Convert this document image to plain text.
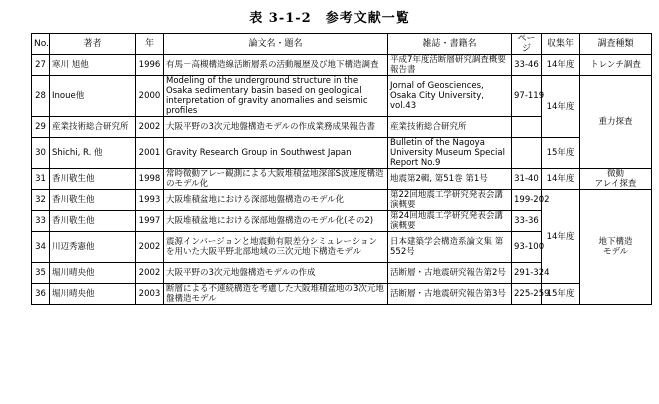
表 3-1-2　参考文献一覧
No.	著者	年	論文名・題名	雑誌・書籍名	ページ	収集年	調査種類
27	寒川 旭他	1996	有馬－高槻構造線活断層系の活動履歴及び地下構造調査	平成7年度活断層研究調査概要報告書	33-46	14年度	トレンチ調査
28	Inoue他	2000	Modeling of the underground structure in the Osaka sedimentary basin based on geological interpretation of gravity anomalies and seismic profiles	Jornal of Geosciences, Osaka City University, vol.43	97-119	14年度	重力探査
29	産業技術総合研究所	2002	大阪平野の3次元地盤構造モデルの作成業務成果報告書	産業技術総合研究所			
30	Shichi, R. 他	2001	Gravity Research Group in Southwest Japan	Bulletin of the Nagoya University Museum Special Report No.9		15年度	
31	香川敬生他	1998	常時微動アレー観測による大阪堆積盆地深部S波速度構造のモデル化	地震第2輯, 第51巻 第1号	31-40	14年度	微動
アレイ探査
32	香川敬生他	1993	大阪堆積盆地における深部地盤構造のモデル化	第22回地震工学研究発表会講演概要	199-202	14年度	地下構造
モデル
33	香川敬生他	1997	大阪堆積盆地における深部地盤構造のモデル化(その2)	第24回地震工学研究発表会講演概要	33-36		
34	川辺秀憲他	2002	震源インバージョンと地震動有限差分シミュレーションを用いた大阪平野北部地域の三次元地下構造モデル	日本建築学会構造系論文集 第552号	93-100		
35	堀川晴央他	2002	大阪平野の3次元地盤構造モデルの作成	活断層・古地震研究報告第2号	291-324		
36	堀川晴央他	2003	断層による不連続構造を考慮した大阪堆積盆地の3次元地盤構造モデル	活断層・古地震研究報告第3号	225-259	15年度	
